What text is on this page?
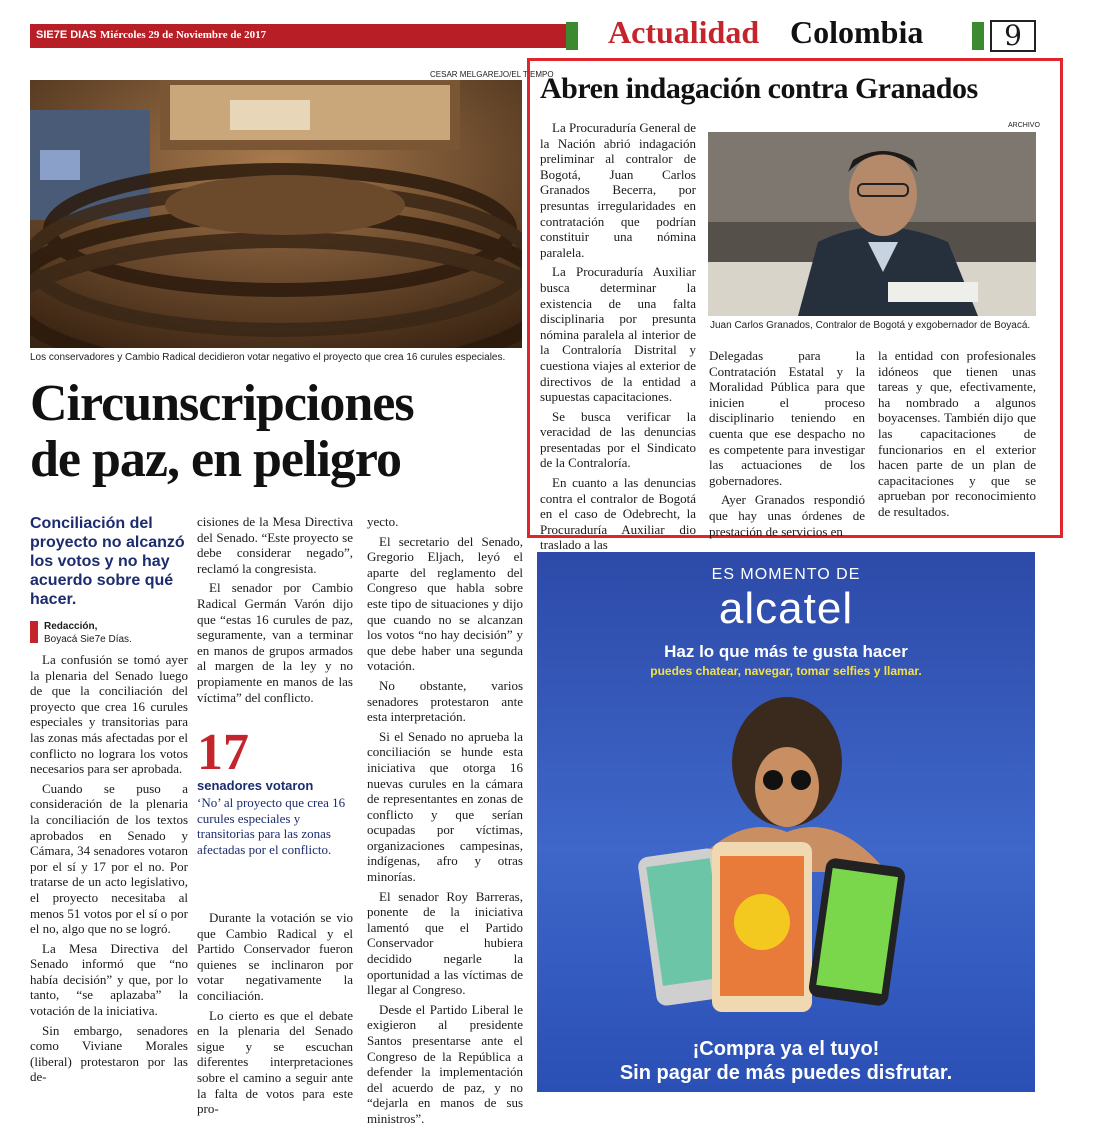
SIE7E DIAS Miércoles 29 de Noviembre de 2017	Actualidad Colombia	9
CESAR MELGAREJO/EL TIEMPO
Los conservadores y Cambio Radical decidieron votar negativo el proyecto que crea 16 curules especiales.
Circunscripciones
de paz, en peligro
Conciliación del proyecto no alcanzó los votos y no hay acuerdo sobre qué hacer.
Redacción,
Boyacá Sie7e Días.

La confusión se tomó ayer la plenaria del Senado luego de que la conciliación del proyecto que crea 16 curules especiales y transitorias para las zonas más afectadas por el conflicto no lograra los votos necesarios para ser aprobada.

Cuando se puso a consideración de la plenaria la conciliación de los textos aprobados en Senado y Cámara, 34 senadores votaron por el sí y 17 por el no. Por tratarse de un acto legislativo, el proyecto necesitaba al menos 51 votos por el sí o por el no, algo que no se logró.

La Mesa Directiva del Senado informó que “no había decisión” y que, por lo tanto, “se aplazaba” la votación de la iniciativa.

Sin embargo, senadores como Viviane Morales (liberal) protestaron por las de-

cisiones de la Mesa Directiva del Senado. “Este proyecto se debe considerar negado”, reclamó la congresista.

El senador por Cambio Radical Germán Varón dijo que “estas 16 curules de paz, seguramente, van a terminar en manos de grupos armados al margen de la ley y no propiamente en manos de las víctima” del conflicto.

17
senadores votaron
‘No’ al proyecto que crea 16 curules especiales y transitorias para las zonas afectadas por el conflicto.

Durante la votación se vio que Cambio Radical y el Partido Conservador fueron quienes se inclinaron por votar negativamente la conciliación.

Lo cierto es que el debate en la plenaria del Senado sigue y se escuchan diferentes interpretaciones sobre el camino a seguir ante la falta de votos para este pro-

yecto.

El secretario del Senado, Gregorio Eljach, leyó el aparte del reglamento del Congreso que habla sobre este tipo de situaciones y dijo que cuando no se alcanzan los votos “no hay decisión” y que debe haber una segunda votación.

No obstante, varios senadores protestaron ante esta interpretación.

Si el Senado no aprueba la conciliación se hunde esta iniciativa que otorga 16 nuevas curules en la cámara de representantes en zonas de conflicto y que serían ocupadas por víctimas, organizaciones campesinas, indígenas, afro y otras minorías.

El senador Roy Barreras, ponente de la iniciativa lamentó que el Partido Conservador hubiera decidido negarle la oportunidad a las víctimas de llegar al Congreso.

Desde el Partido Liberal le exigieron al presidente Santos presentarse ante el Congreso de la República a defender la implementación del acuerdo de paz, y no “dejarla en manos de sus ministros”.

Abren indagación contra Granados
ARCHIVO
Juan Carlos Granados, Contralor de Bogotá y exgobernador de Boyacá.

La Procuraduría General de la Nación abrió indagación preliminar al contralor de Bogotá, Juan Carlos Granados Becerra, por presuntas irregularidades en contratación que podrían constituir una nómina paralela.

La Procuraduría Auxiliar busca determinar la existencia de una falta disciplinaria por presunta nómina paralela al interior de la Contraloría Distrital y cuestiona viajes al exterior de directivos de la entidad a supuestas capacitaciones.

Se busca verificar la veracidad de las denuncias presentadas por el Sindicato de la Contraloría.

En cuanto a las denuncias contra el contralor de Bogotá en el caso de Odebrecht, la Procuraduría Auxiliar dio traslado a las

Delegadas para la Contratación Estatal y la Moralidad Pública para que inicien el proceso disciplinario teniendo en cuenta que ese despacho no es competente para investigar las actuaciones de los gobernadores.

Ayer Granados respondió que hay unas órdenes de prestación de servicios en

la entidad con profesionales idóneos que tienen unas tareas y que, efectivamente, ha nombrado a algunos boyacenses. También dijo que las capacitaciones de funcionarios en el exterior hacen parte de un plan de capacitaciones y que se aprueban por reconocimiento de resultados.

ES MOMENTO DE
alcatel
Haz lo que más te gusta hacer
puedes chatear, navegar, tomar selfies y llamar.
¡Compra ya el tuyo!
Sin pagar de más puedes disfrutar.
